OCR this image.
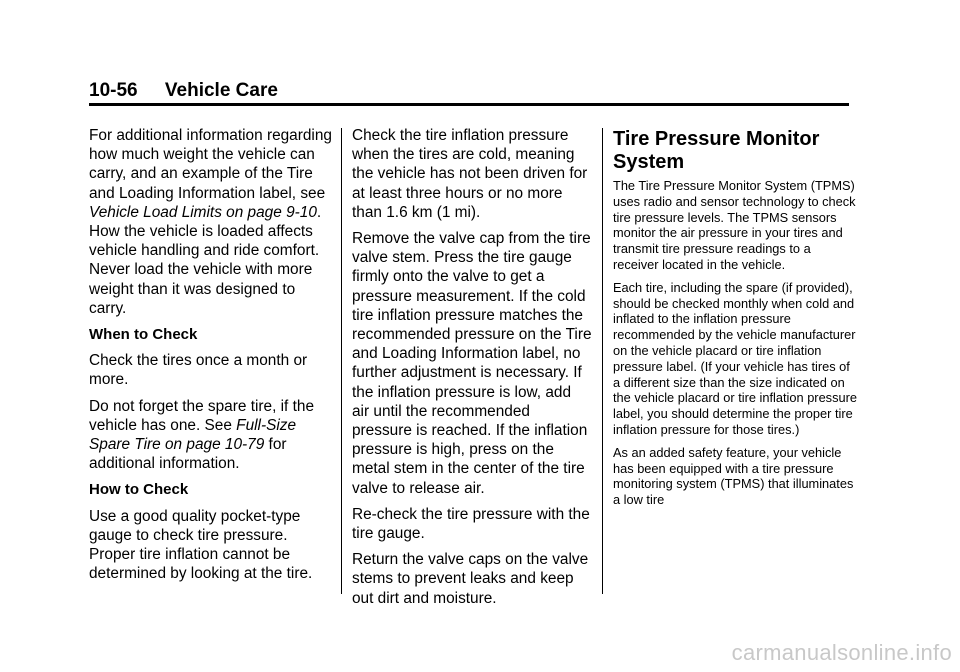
10-56 Vehicle Care

For additional information regarding how much weight the vehicle can carry, and an example of the Tire and Loading Information label, see Vehicle Load Limits on page 9-10. How the vehicle is loaded affects vehicle handling and ride comfort. Never load the vehicle with more weight than it was designed to carry.

When to Check

Check the tires once a month or more.

Do not forget the spare tire, if the vehicle has one. See Full-Size Spare Tire on page 10-79 for additional information.

How to Check

Use a good quality pocket-type gauge to check tire pressure. Proper tire inflation cannot be determined by looking at the tire.

Check the tire inflation pressure when the tires are cold, meaning the vehicle has not been driven for at least three hours or no more than 1.6 km (1 mi).

Remove the valve cap from the tire valve stem. Press the tire gauge firmly onto the valve to get a pressure measurement. If the cold tire inflation pressure matches the recommended pressure on the Tire and Loading Information label, no further adjustment is necessary. If the inflation pressure is low, add air until the recommended pressure is reached. If the inflation pressure is high, press on the metal stem in the center of the tire valve to release air.

Re-check the tire pressure with the tire gauge.

Return the valve caps on the valve stems to prevent leaks and keep out dirt and moisture.

Tire Pressure Monitor System

The Tire Pressure Monitor System (TPMS) uses radio and sensor technology to check tire pressure levels. The TPMS sensors monitor the air pressure in your tires and transmit tire pressure readings to a receiver located in the vehicle.

Each tire, including the spare (if provided), should be checked monthly when cold and inflated to the inflation pressure recommended by the vehicle manufacturer on the vehicle placard or tire inflation pressure label. (If your vehicle has tires of a different size than the size indicated on the vehicle placard or tire inflation pressure label, you should determine the proper tire inflation pressure for those tires.)

As an added safety feature, your vehicle has been equipped with a tire pressure monitoring system (TPMS) that illuminates a low tire

carmanualsonline.info
